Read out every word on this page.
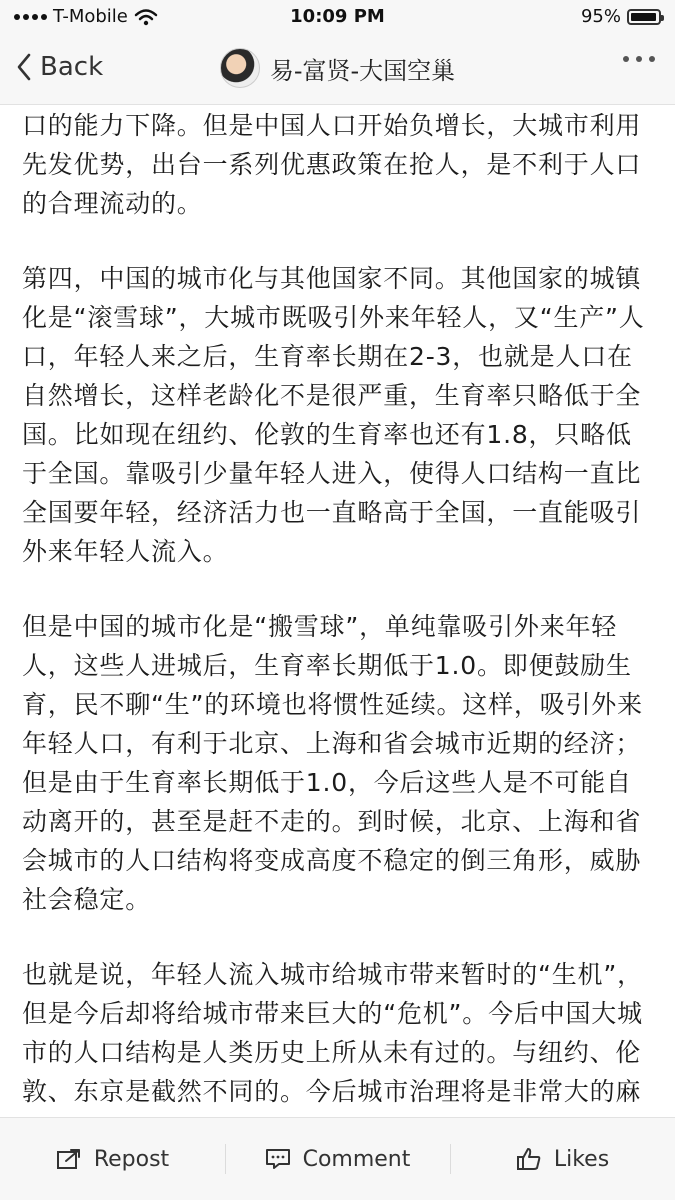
T-Mobile	10:09 PM	95%
Back	易-富贤-大国空巢

口的能力下降。但是中国人口开始负增长，大城市利用先发优势，出台一系列优惠政策在抢人，是不利于人口的合理流动的。

第四，中国的城市化与其他国家不同。其他国家的城镇化是“滚雪球”，大城市既吸引外来年轻人，又“生产”人口，年轻人来之后，生育率长期在2-3，也就是人口在自然增长，这样老龄化不是很严重，生育率只略低于全国。比如现在纽约、伦敦的生育率也还有1.8，只略低于全国。靠吸引少量年轻人进入，使得人口结构一直比全国要年轻，经济活力也一直略高于全国，一直能吸引外来年轻人流入。

但是中国的城市化是“搬雪球”，单纯靠吸引外来年轻人，这些人进城后，生育率长期低于1.0。即便鼓励生育，民不聊“生”的环境也将惯性延续。这样，吸引外来年轻人口，有利于北京、上海和省会城市近期的经济；但是由于生育率长期低于1.0，今后这些人是不可能自动离开的，甚至是赶不走的。到时候，北京、上海和省会城市的人口结构将变成高度不稳定的倒三角形，威胁社会稳定。

也就是说，年轻人流入城市给城市带来暂时的“生机”，但是今后却将给城市带来巨大的“危机”。今后中国大城市的人口结构是人类历史上所从未有过的。与纽约、伦敦、东京是截然不同的。今后城市治理将是非常大的麻

Repost	Comment	Likes
